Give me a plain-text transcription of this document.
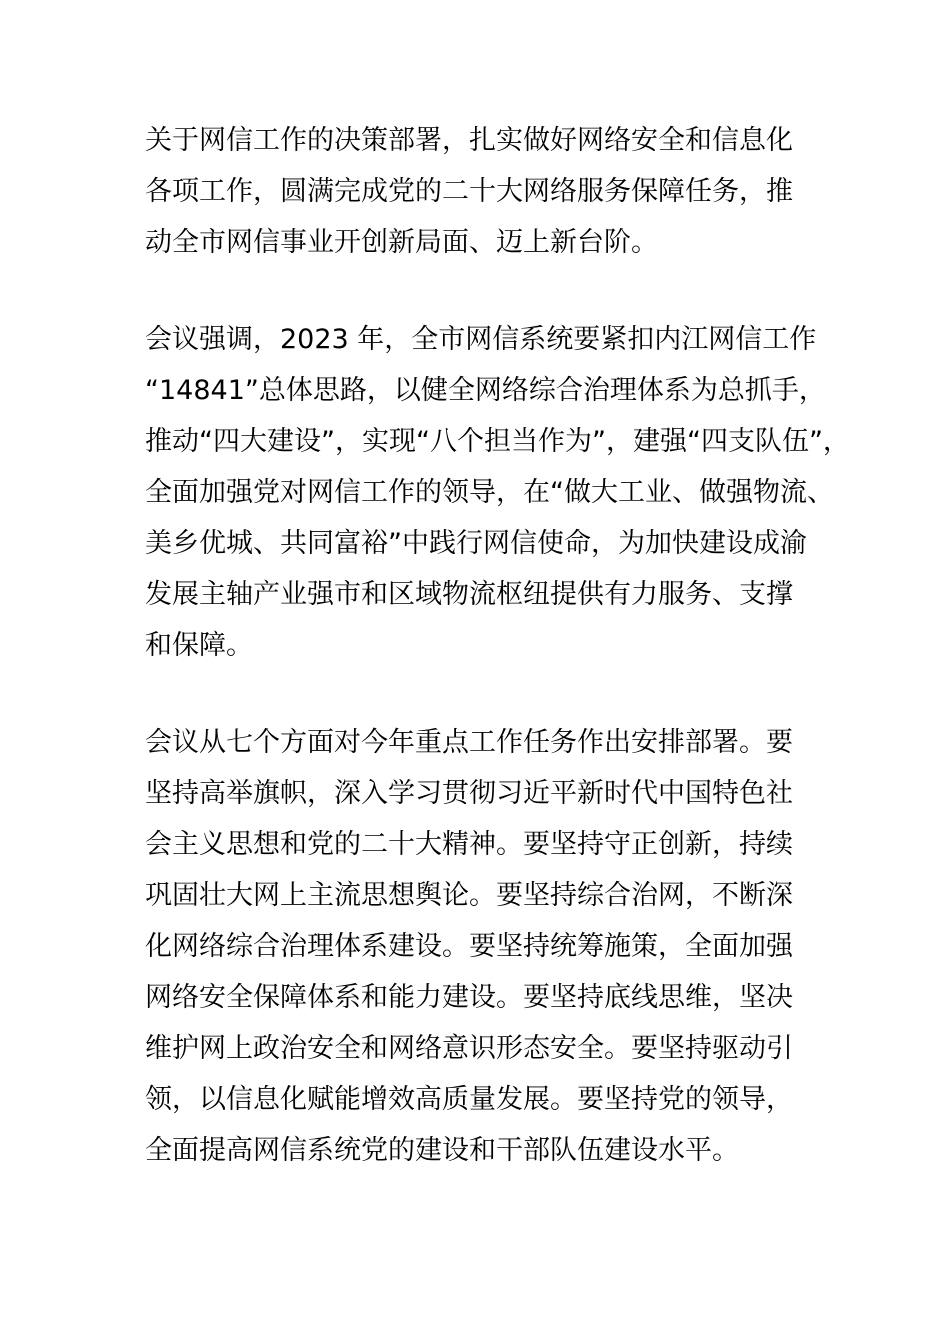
关于网信工作的决策部署，扎实做好网络安全和信息化
各项工作，圆满完成党的二十大网络服务保障任务，推
动全市网信事业开创新局面、迈上新台阶。
会议强调，2023 年，全市网信系统要紧扣内江网信工作
“14841”总体思路，以健全网络综合治理体系为总抓手，
推动“四大建设”，实现“八个担当作为”，建强“四支队伍”，
全面加强党对网信工作的领导，在“做大工业、做强物流、
美乡优城、共同富裕”中践行网信使命，为加快建设成渝
发展主轴产业强市和区域物流枢纽提供有力服务、支撑
和保障。
会议从七个方面对今年重点工作任务作出安排部署。要
坚持高举旗帜，深入学习贯彻习近平新时代中国特色社
会主义思想和党的二十大精神。要坚持守正创新，持续
巩固壮大网上主流思想舆论。要坚持综合治网，不断深
化网络综合治理体系建设。要坚持统筹施策，全面加强
网络安全保障体系和能力建设。要坚持底线思维，坚决
维护网上政治安全和网络意识形态安全。要坚持驱动引
领，以信息化赋能增效高质量发展。要坚持党的领导，
全面提高网信系统党的建设和干部队伍建设水平。
